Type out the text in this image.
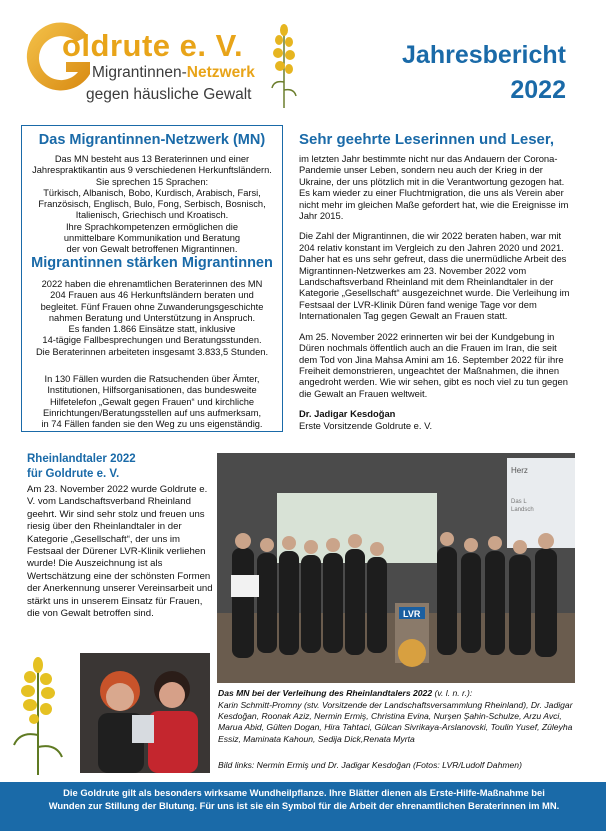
oldrute e. V.
Migrantinnen-Netzwerk
gegen häusliche Gewalt
Jahresbericht
2022
Das Migrantinnen-Netzwerk (MN)
Das MN besteht aus 13 Beraterinnen und einer
Jahrespraktikantin aus 9 verschiedenen Herkunftsländern.
Sie sprechen 15 Sprachen:
Türkisch, Albanisch, Bobo, Kurdisch, Arabisch, Farsi,
Französisch, Englisch, Bulo, Fong, Serbisch, Bosnisch,
Italienisch, Griechisch und Kroatisch.
Ihre Sprachkompetenzen ermöglichen die
unmittelbare Kommunikation und Beratung
der von Gewalt betroffenen Migrantinnen.
Migrantinnen stärken Migrantinnen
2022 haben die ehrenamtlichen Beraterinnen des MN
204 Frauen aus 46 Herkunftsländern beraten und
begleitet. Fünf Frauen ohne Zuwanderungsgeschichte
nahmen Beratung und Unterstützung in Anspruch.
Es fanden 1.866 Einsätze statt, inklusive
14-tägige Fallbesprechungen und Beratungsstunden.
Die Beraterinnen arbeiteten insgesamt 3.833,5 Stunden.
In 130 Fällen wurden die Ratsuchenden über Ämter,
Institutionen, Hilfsorganisationen, das bundesweite
Hilfetelefon „Gewalt gegen Frauen“ und kirchliche
Einrichtungen/Beratungsstellen auf uns aufmerksam,
in 74 Fällen fanden sie den Weg zu uns eigenständig.
Sehr geehrte Leserinnen und Leser,

im letzten Jahr bestimmte nicht nur das Andauern der Corona-Pandemie unser Leben, sondern neu auch der Krieg in der Ukraine, der uns plötzlich mit in die Verantwortung gezogen hat. Es kam wieder zu einer Fluchtmigration, die uns als Verein aber nicht mehr im gleichen Maße gefordert hat, wie die Ereignisse im Jahr 2015.

Die Zahl der Migrantinnen, die wir 2022 beraten haben, war mit 204 relativ konstant im Vergleich zu den Jahren 2020 und 2021. Daher hat es uns sehr gefreut, dass die unermüdliche Arbeit des Migrantinnen-Netzwerkes am 23. November 2022 vom Landschaftsverband Rheinland mit dem Rheinlandtaler in der Kategorie „Gesellschaft“ ausgezeichnet wurde. Die Verleihung im Festsaal der LVR-Klinik Düren fand wenige Tage vor dem Internationalen Tag gegen Gewalt an Frauen statt.

Am 25. November 2022 erinnerten wir bei der Kundgebung in Düren nochmals öffentlich auch an die Frauen im Iran, die seit dem Tod von Jina Mahsa Amini am 16. September 2022 für ihre Freiheit demonstrieren, ungeachtet der Maßnahmen, die ihnen angedroht werden. Wie wir sehen, gibt es noch viel zu tun gegen die Gewalt an Frauen weltweit.

Dr. Jadigar Kesdoğan
Erste Vorsitzende Goldrute e. V.
Rheinlandtaler 2022
für Goldrute e. V.
Am 23. November 2022 wurde Goldrute e. V. vom Landschaftsverband Rheinland geehrt. Wir sind sehr stolz und freuen uns riesig über den Rheinlandtaler in der Kategorie „Gesellschaft“, der uns im Festsaal der Dürener LVR-Klinik verliehen wurde! Die Auszeichnung ist als Wertschätzung eine der schönsten Formen der Anerkennung unserer Vereinsarbeit und stärkt uns in unserem Einsatz für Frauen, die von Gewalt betroffen sind.
Herz
Das L
Landsch
LVR
Das MN bei der Verleihung des Rheinlandtalers 2022 (v. l. n. r.):
Karin Schmitt-Promny (stv. Vorsitzende der Landschaftsversammlung Rheinland), Dr. Jadigar Kesdoğan, Roonak Aziz, Nermin Ermiş, Christina Evina, Nurşen Şahin-Schulze, Arzu Avci, Marua Abid, Gülten Dogan, Hira Tahtaci, Gülcan Sivrikaya-Arslanovski, Toulin Yusef, Züleyha Essiz, Maminata Kahoun, Sedija Dick,Renata Myrta
Bild links: Nermin Ermiş und Dr. Jadigar Kesdoğan (Fotos: LVR/Ludolf Dahmen)
Die Goldrute gilt als besonders wirksame Wundheilpflanze. Ihre Blätter dienen als Erste-Hilfe-Maßnahme bei
Wunden zur Stillung der Blutung. Für uns ist sie ein Symbol für die Arbeit der ehrenamtlichen Beraterinnen im MN.
